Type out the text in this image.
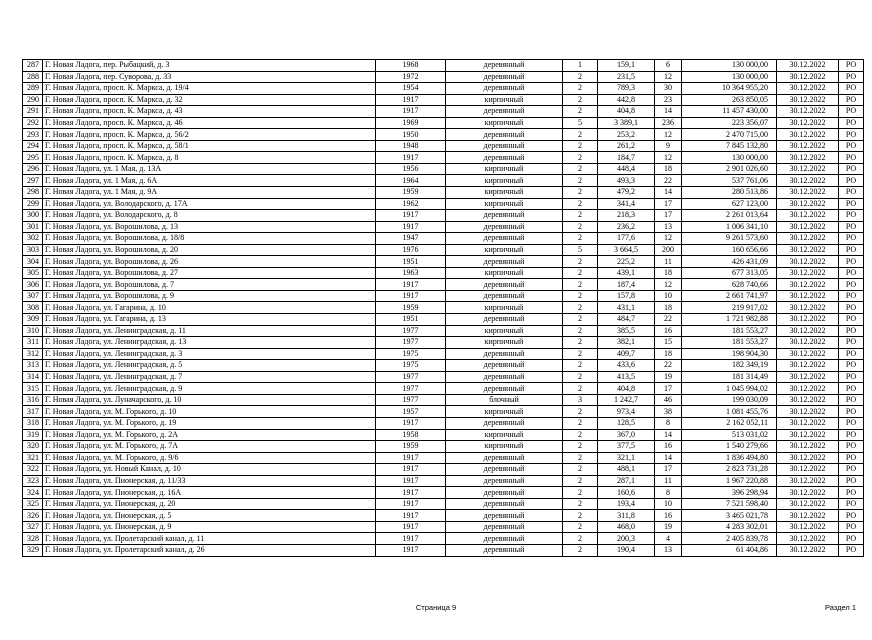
287	Г. Новая Ладога, пер. Рыбацкий, д. 3	1968	деревянный	1	159,1	6	130 000,00	30.12.2022	РО
288	Г. Новая Ладога, пер. Суворова, д. 33	1972	деревянный	2	231,5	12	130 000,00	30.12.2022	РО
289	Г. Новая Ладога, просп. К. Маркса, д. 19/4	1954	деревянный	2	789,3	30	10 364 955,20	30.12.2022	РО
290	Г. Новая Ладога, просп. К. Маркса, д. 32	1917	кирпичный	2	442,8	23	263 850,05	30.12.2022	РО
291	Г. Новая Ладога, просп. К. Маркса, д. 43	1917	деревянный	2	404,8	14	11 457 430,00	30.12.2022	РО
292	Г. Новая Ладога, просп. К. Маркса, д. 46	1969	кирпичный	5	3 389,1	236	223 356,07	30.12.2022	РО
293	Г. Новая Ладога, просп. К. Маркса, д. 56/2	1950	деревянный	2	253,2	12	2 470 715,00	30.12.2022	РО
294	Г. Новая Ладога, просп. К. Маркса, д. 58/1	1948	деревянный	2	261,2	9	7 845 132,80	30.12.2022	РО
295	Г. Новая Ладога, просп. К. Маркса, д. 8	1917	деревянный	2	184,7	12	130 000,00	30.12.2022	РО
296	Г. Новая Ладога, ул. 1 Мая, д. 13А	1956	кирпичный	2	448,4	18	2 901 026,60	30.12.2022	РО
297	Г. Новая Ладога, ул. 1 Мая, д. 6А	1964	кирпичный	2	493,3	22	537 761,06	30.12.2022	РО
298	Г. Новая Ладога, ул. 1 Мая, д. 9А	1959	кирпичный	2	479,2	14	280 513,86	30.12.2022	РО
299	Г. Новая Ладога, ул. Володарского, д. 17А	1962	кирпичный	2	341,4	17	627 123,00	30.12.2022	РО
300	Г. Новая Ладога, ул. Володарского, д. 8	1917	деревянный	2	218,3	17	2 261 013,64	30.12.2022	РО
301	Г. Новая Ладога, ул. Ворошилова, д. 13	1917	деревянный	2	236,2	13	1 006 341,10	30.12.2022	РО
302	Г. Новая Ладога, ул. Ворошилова, д. 18/8	1947	деревянный	2	177,6	12	9 261 573,60	30.12.2022	РО
303	Г. Новая Ладога, ул. Ворошилова, д. 20	1976	кирпичный	5	3 664,5	200	160 656,66	30.12.2022	РО
304	Г. Новая Ладога, ул. Ворошилова, д. 26	1951	деревянный	2	225,2	11	426 431,09	30.12.2022	РО
305	Г. Новая Ладога, ул. Ворошилова, д. 27	1963	кирпичный	2	439,1	18	677 313,05	30.12.2022	РО
306	Г. Новая Ладога, ул. Ворошилова, д. 7	1917	деревянный	2	187,4	12	628 740,66	30.12.2022	РО
307	Г. Новая Ладога, ул. Ворошилова, д. 9	1917	деревянный	2	157,8	10	2 661 741,97	30.12.2022	РО
308	Г. Новая Ладога, ул. Гагарина, д. 10	1959	кирпичный	2	431,1	18	219 917,02	30.12.2022	РО
309	Г. Новая Ладога, ул. Гагарина, д. 13	1951	деревянный	2	484,7	22	1 721 982,88	30.12.2022	РО
310	Г. Новая Ладога, ул. Ленинградская, д. 11	1977	кирпичный	2	385,5	16	181 553,27	30.12.2022	РО
311	Г. Новая Ладога, ул. Ленинградская, д. 13	1977	кирпичный	2	382,1	15	181 553,27	30.12.2022	РО
312	Г. Новая Ладога, ул. Ленинградская, д. 3	1975	деревянный	2	409,7	18	198 904,30	30.12.2022	РО
313	Г. Новая Ладога, ул. Ленинградская, д. 5	1975	деревянный	2	433,6	22	182 349,19	30.12.2022	РО
314	Г. Новая Ладога, ул. Ленинградская, д. 7	1977	деревянный	2	413,5	19	181 314,49	30.12.2022	РО
315	Г. Новая Ладога, ул. Ленинградская, д. 9	1977	деревянный	2	404,8	17	1 045 994,02	30.12.2022	РО
316	Г. Новая Ладога, ул. Луначарского, д. 10	1977	блочный	3	1 242,7	46	199 030,09	30.12.2022	РО
317	Г. Новая Ладога, ул. М. Горького, д. 10	1957	кирпичный	2	973,4	38	1 081 455,76	30.12.2022	РО
318	Г. Новая Ладога, ул. М. Горького, д. 19	1917	деревянный	2	128,5	8	2 162 052,11	30.12.2022	РО
319	Г. Новая Ладога, ул. М. Горького, д. 2А	1958	кирпичный	2	367,0	14	513 031,02	30.12.2022	РО
320	Г. Новая Ладога, ул. М. Горького, д. 7А	1959	кирпичный	2	377,5	16	1 540 279,66	30.12.2022	РО
321	Г. Новая Ладога, ул. М. Горького, д. 9/6	1917	деревянный	2	321,1	14	1 836 494,80	30.12.2022	РО
322	Г. Новая Ладога, ул. Новый Канал, д. 10	1917	деревянный	2	488,1	17	2 823 731,28	30.12.2022	РО
323	Г. Новая Ладога, ул. Пионерская, д. 11/33	1917	деревянный	2	287,1	11	1 967 220,88	30.12.2022	РО
324	Г. Новая Ладога, ул. Пионерская, д. 16А	1917	деревянный	2	160,6	8	396 298,94	30.12.2022	РО
325	Г. Новая Ладога, ул. Пионерская, д. 20	1917	деревянный	2	193,4	10	7 521 598,40	30.12.2022	РО
326	Г. Новая Ладога, ул. Пионерская, д. 5	1917	деревянный	2	311,8	16	3 465 021,78	30.12.2022	РО
327	Г. Новая Ладога, ул. Пионерская, д. 9	1917	деревянный	2	468,0	19	4 283 302,01	30.12.2022	РО
328	Г. Новая Ладога, ул. Пролетарский канал, д. 11	1917	деревянный	2	200,3	4	2 405 839,78	30.12.2022	РО
329	Г. Новая Ладога, ул. Пролетарский канал, д. 26	1917	деревянный	2	190,4	13	61 404,86	30.12.2022	РО
Страница 9	Раздел 1
